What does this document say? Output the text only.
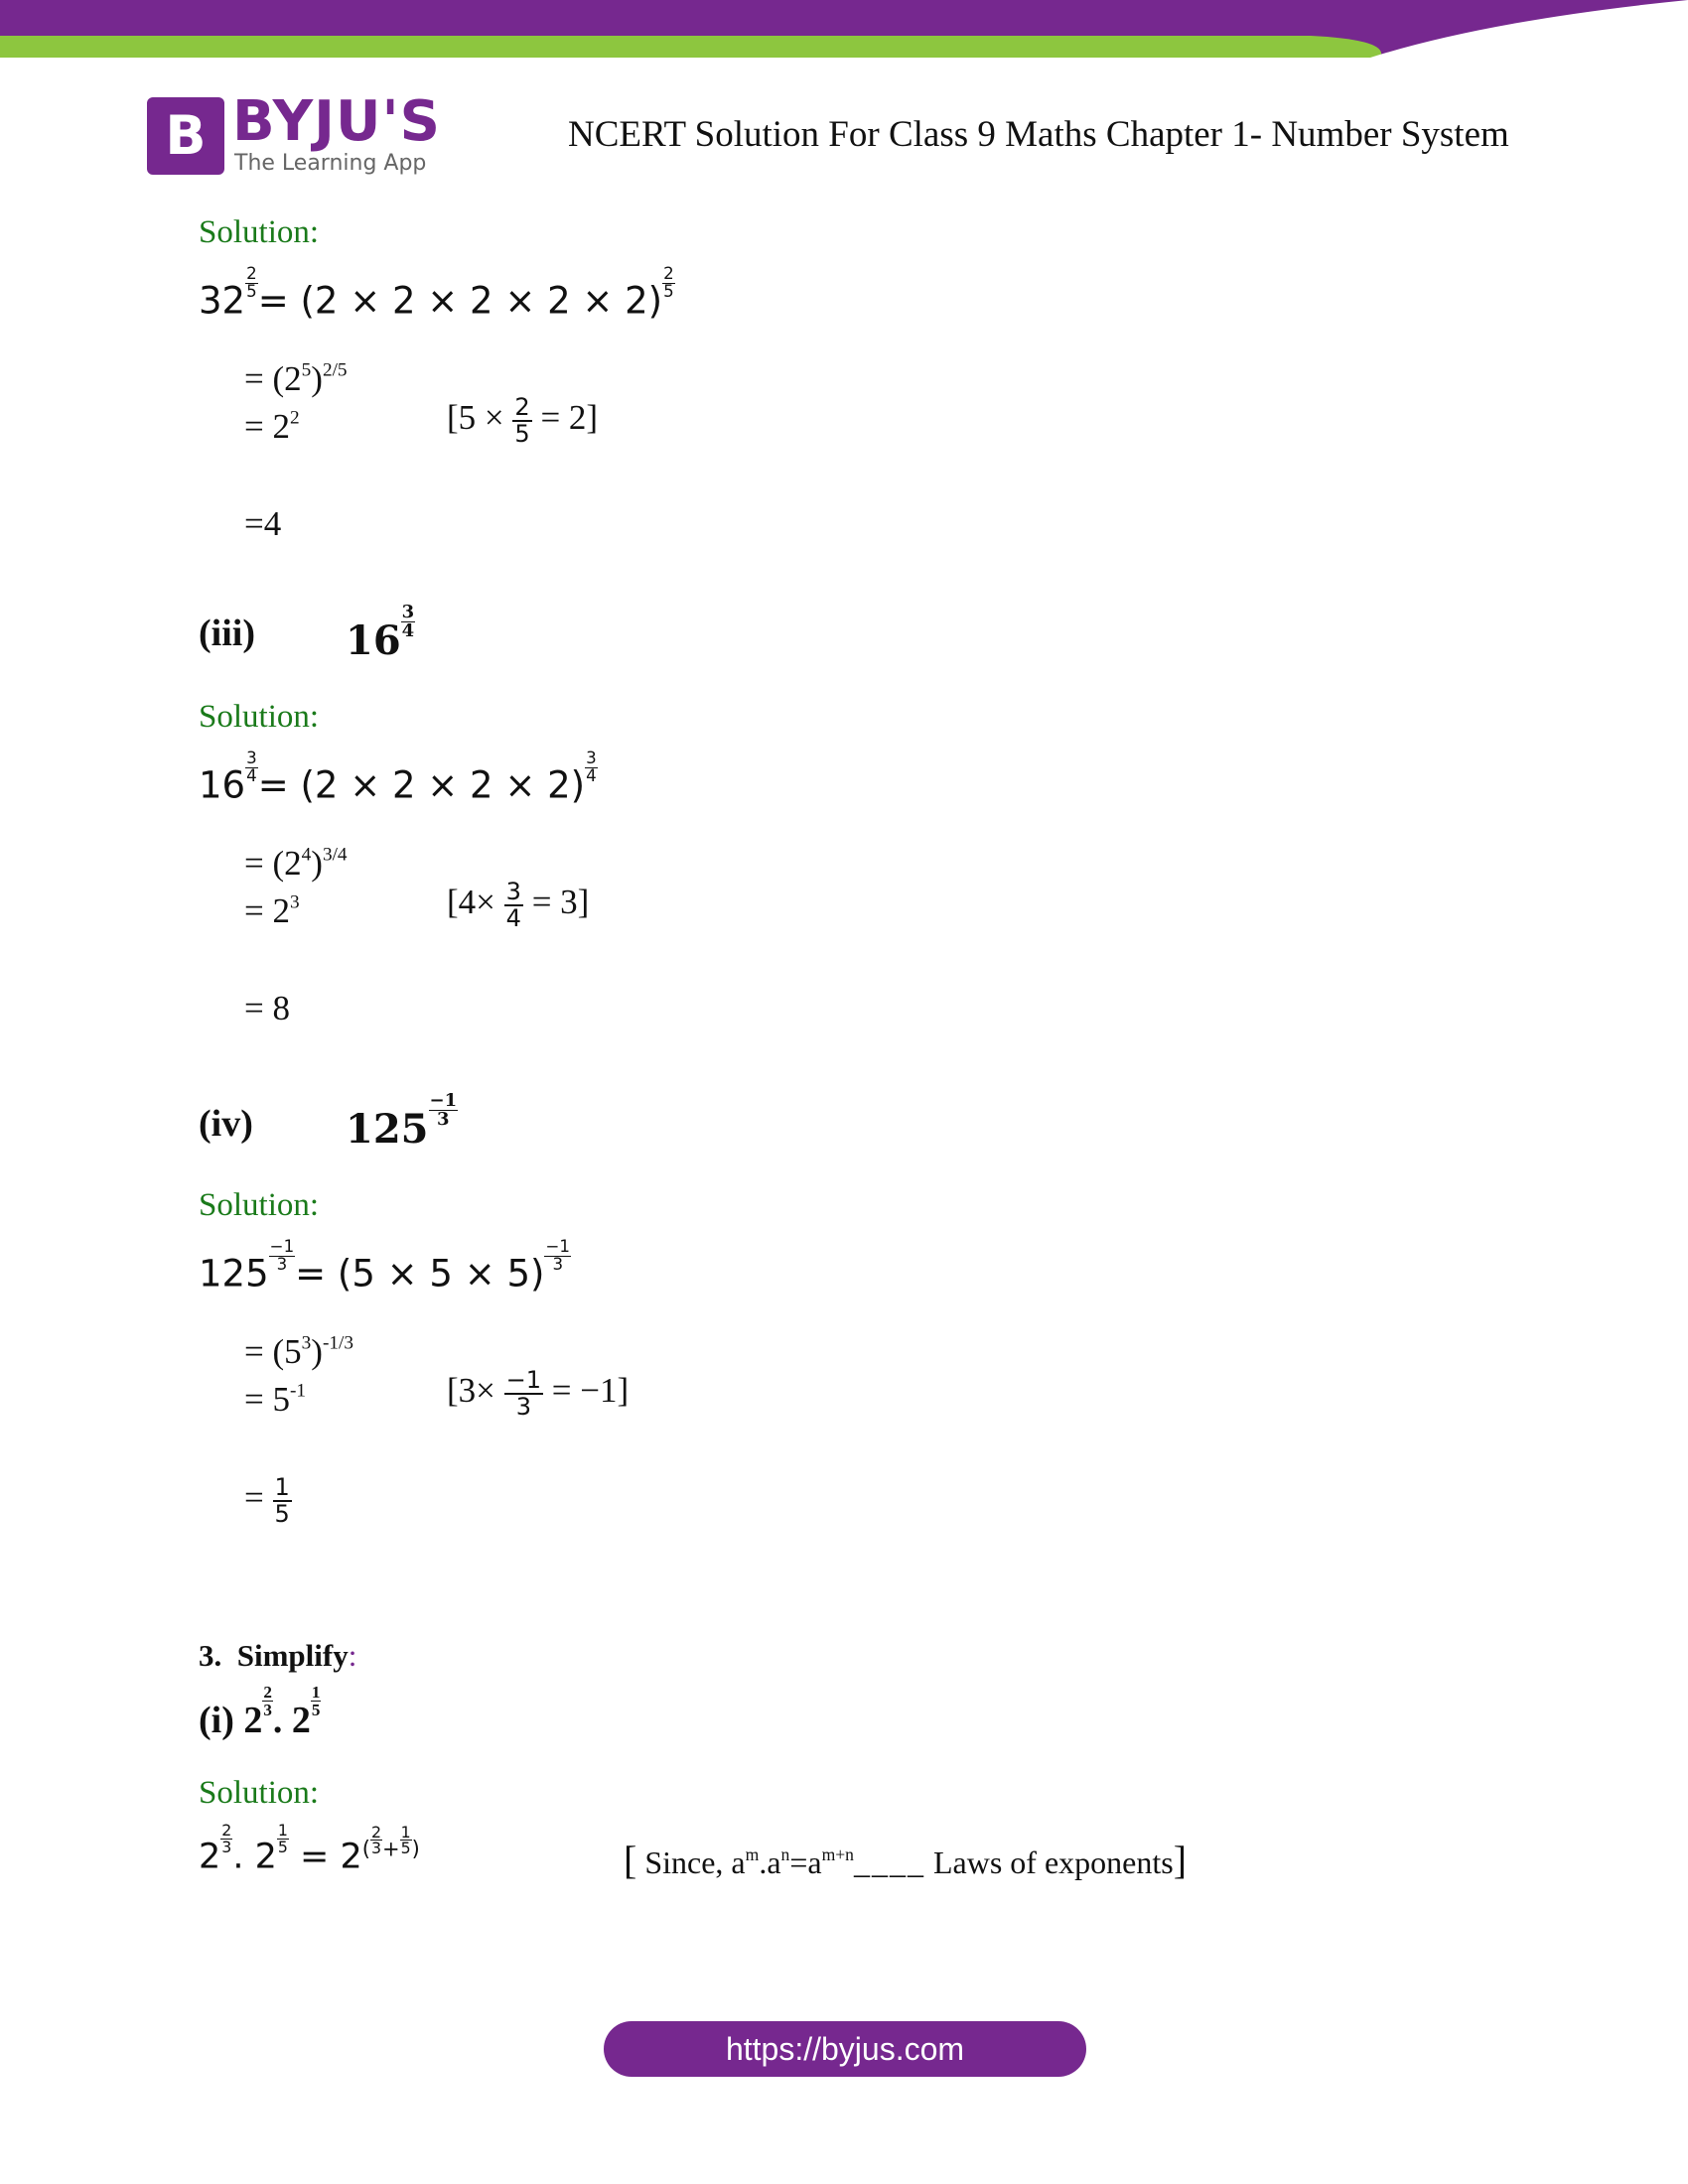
B BYJU'S
The Learning App
NCERT Solution For Class 9 Maths Chapter 1- Number System
Solution:
$32 \frac{2}{5} = (2 \times 2 \times 2 \times 2 \times 2) \frac{2}{5}$
= $(2^5)^{2/5}$
= $2^2$	$[5 \times \frac{2}{5} = 2]$
=4
(iii) $16 \frac{3}{4}$
Solution:
$16 \frac{3}{4} = (2 \times 2 \times 2 \times 2) \frac{3}{4}$
= $(2^4)^{3/4}$
= $2^3$	$[4\times \frac{3}{4} = 3]$
= 8
(iv) $125 \frac{-1}{3}$
Solution:
$125 \frac{-1}{3} = (5 \times 5 \times 5) \frac{-1}{3}$
= $(5^3)^{-1/3}$
= $5^{-1}$	$[3\times \frac{-1}{3} = -1]$
= $\frac{1}{5}$
3. Simplify:
(i) $2 \frac{2}{3}$ . $2 \frac{1}{5}$
Solution:
$2 \frac{2}{3}$ . $2 \frac{1}{5} = 2( \frac{2}{3} + \frac{1}{5}$ )	[ Since, $a^m.a^n=a^{m+n}\_\_\_\_$ Laws of exponents]
https://byjus.com
